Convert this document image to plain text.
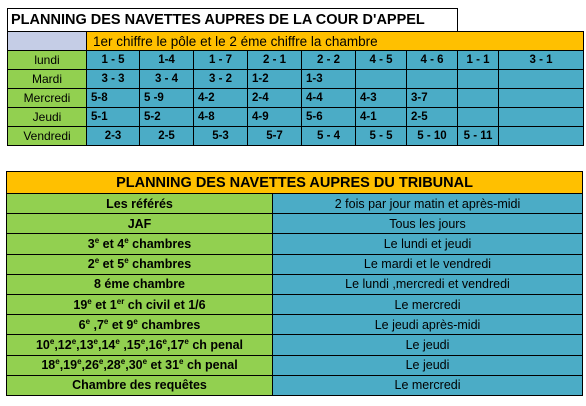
PLANNING DES NAVETTES AUPRES DE LA COUR D'APPEL									
	1er chiffre le pôle et le 2 éme chiffre la chambre								
lundi	1 - 5	1-4	1 - 7	2 - 1	2 - 2	4 - 5	4 - 6	1 - 1	3 - 1
Mardi	3 - 3	3 - 4	3 - 2	1-2	1-3				
Mercredi	5-8	5 -9	4-2	2-4	4-4	4-3	3-7		
Jeudi	5-1	5-2	4-8	4-9	5-6	4-1	2-5		
Vendredi	2-3	2-5	5-3	5-7	5 - 4	5 - 5	5 - 10	5 - 11	
PLANNING DES NAVETTES AUPRES DU TRIBUNAL	
Les référés	2 fois par jour matin et après-midi
JAF	Tous les jours
3e et 4e chambres	Le lundi et jeudi
2e et 5e chambres	Le mardi et le vendredi
8 éme chambre	Le lundi ,mercredi et vendredi
19e et 1er ch civil et 1/6	Le mercredi
6e ,7e et 9e chambres	Le jeudi après-midi
10e,12e,13e,14e ,15e,16e,17e ch penal	Le jeudi
18e,19e,26e,28e,30e et 31e ch penal	Le jeudi
Chambre des requêtes	Le mercredi
